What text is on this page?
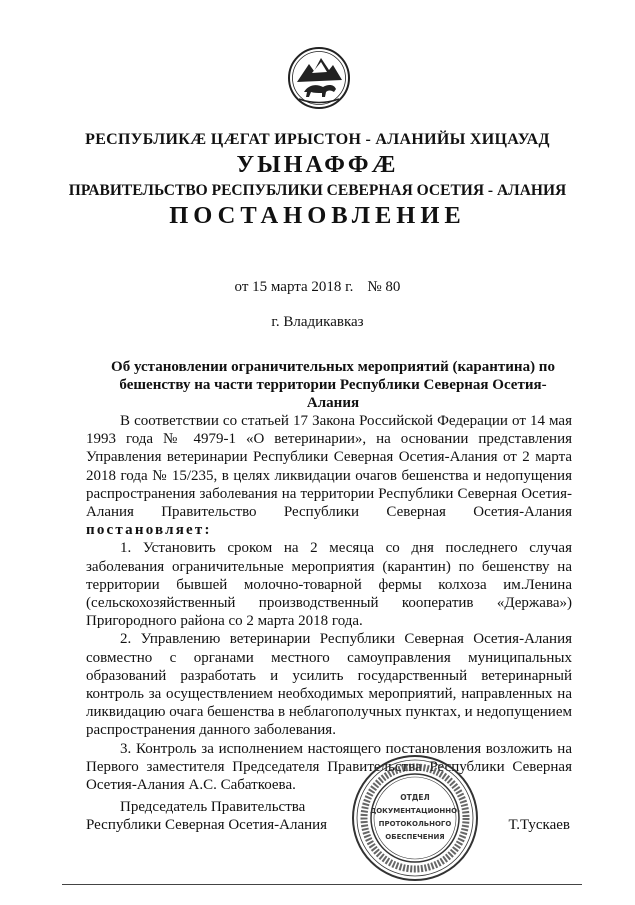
РЕСПУБЛИКӔ ЦӔГАТ ИРЫСТОН - АЛАНИЙЫ ХИЦАУАД
УЫНАФФӔ
ПРАВИТЕЛЬСТВО РЕСПУБЛИКИ СЕВЕРНАЯ ОСЕТИЯ - АЛАНИЯ
ПОСТАНОВЛЕНИЕ
от 15 марта 2018 г. № 80
г. Владикавказ
Об установлении ограничительных мероприятий (карантина) по бешенству на части территории Республики Северная Осетия-Алания

В соответствии со статьей 17 Закона Российской Федерации от 14 мая 1993 года № 4979-1 «О ветеринарии», на основании представления Управления ветеринарии Республики Северная Осетия-Алания от 2 марта 2018 года № 15/235, в целях ликвидации очагов бешенства и недопущения распространения заболевания на территории Республики Северная Осетия-Алания Правительство Республики Северная Осетия-Алания постановляет:

1. Установить сроком на 2 месяца со дня последнего случая заболевания ограничительные мероприятия (карантин) по бешенству на территории бывшей молочно-товарной фермы колхоза им.Ленина (сельскохозяйственный производственный кооператив «Держава») Пригородного района со 2 марта 2018 года.

2. Управлению ветеринарии Республики Северная Осетия-Алания совместно с органами местного самоуправления муниципальных образований разработать и усилить государственный ветеринарный контроль за осуществлением необходимых мероприятий, направленных на ликвидацию очага бешенства в неблагополучных пунктах, и недопущением распространения данного заболевания.

3. Контроль за исполнением настоящего постановления возложить на Первого заместителя Председателя Правительства Республики Северная Осетия-Алания А.С. Сабаткоева.

Председатель Правительства
Республики Северная Осетия-Алания	Т.Тускаев
ОТДЕЛ
ДОКУМЕНТАЦИОННО-
ПРОТОКОЛЬНОГО
ОБЕСПЕЧЕНИЯ
